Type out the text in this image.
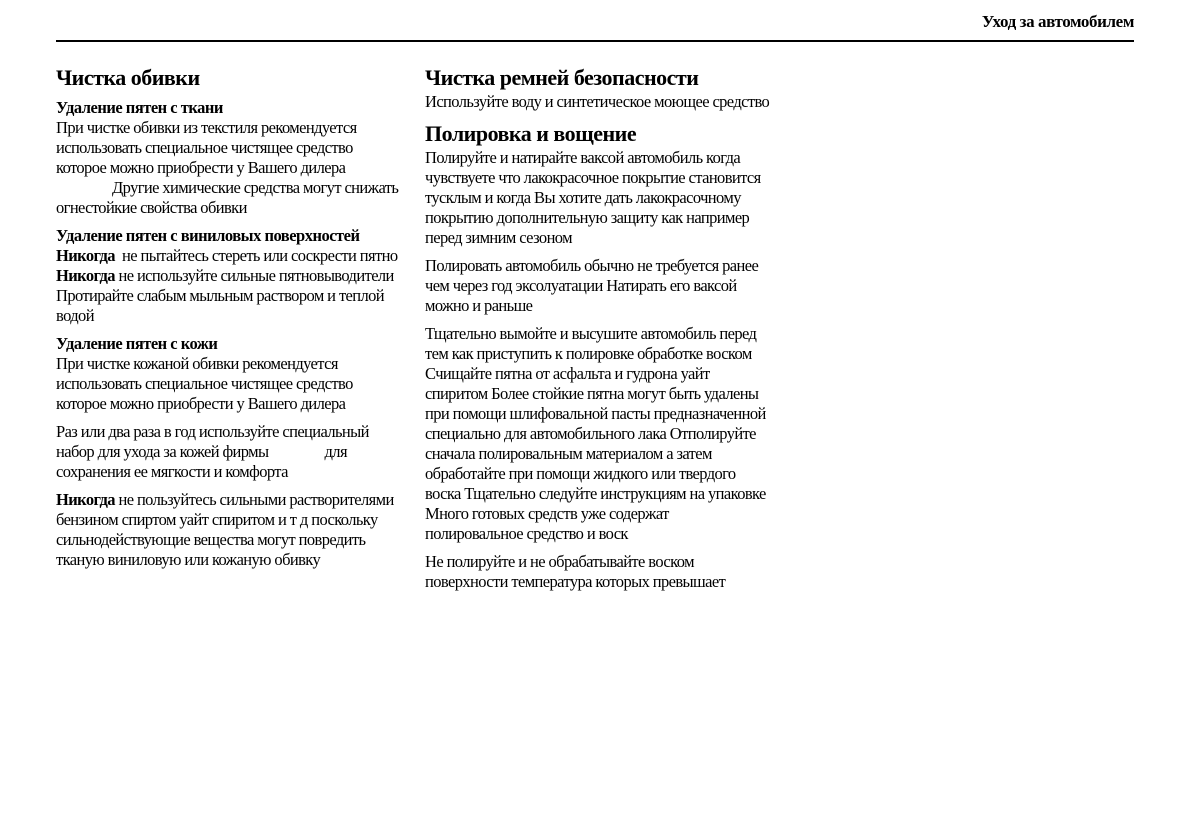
Уход за автомобилем
Чистка обивки
Удаление пятен с ткани

При чистке обивки из текстиля рекомендуется использовать специальное чистящее средство которое можно приобрести у Вашего дилераДругие химические средства могут снижать огнестойкие свойства обивки

Удаление пятен с виниловых поверхностей

Никогда  не пытайтесь стереть или соскрести пятно  Никогда не используйте сильные пятновыводители Протирайте слабым мыльным раствором и теплой водой

Удаление пятен с кожи

При чистке кожаной обивки рекомендуется использовать специальное чистящее средство которое можно приобрести у Вашего дилера

Раз или два раза в год используйте специальный набор для ухода за кожей фирмы	для сохранения ее мягкости и комфорта

Никогда не пользуйтесь сильными растворителями бензином спиртом уайт спиритом и т д поскольку сильнодействующие вещества могут повредить тканую виниловую или кожаную обивку

Чистка ремней безопасности

Используйте воду и синтетическое моющее средство

Полировка и вощение

Полируйте и натирайте ваксой автомобиль когда чувствуете что лакокрасочное покрытие становится тусклым и когда Вы хотите дать лакокрасочному покрытию дополнительную защиту как например перед зимним сезоном

Полировать автомобиль обычно не требуется ранее чем через год эксолуатации Натирать его ваксой можно и раньше

Тщательно вымойте и высушите автомобиль перед тем как приступить к полировке обработке воском Счищайте пятна от асфальта и гудрона уайт спиритом Более стойкие пятна могут быть удалены при помощи шлифовальной пасты предназначенной специально для автомобильного лака Отполируйте сначала полировальным материалом а затем обработайте при помощи жидкого или твердого воска Тщательно следуйте инструкциям на упаковке Много готовых средств уже содержат полировальное средство и воск

Не полируйте и не обрабатывайте воском поверхности температура которых превышает
